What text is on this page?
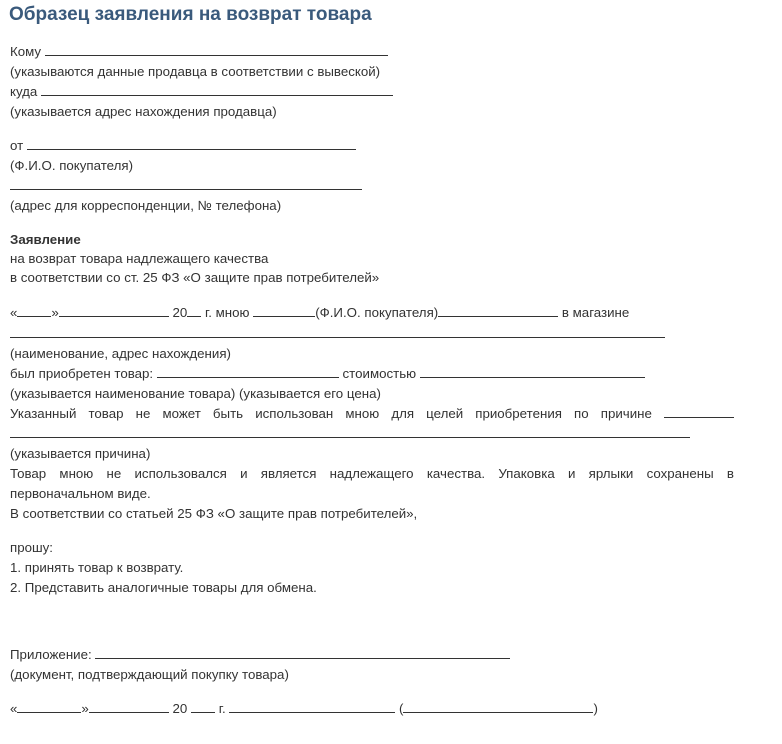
Образец заявления на возврат товара
Кому
(указываются данные продавца в соответствии с вывеской)
куда
(указывается адрес нахождения продавца)
от
(Ф.И.О. покупателя)
(адрес для корреспонденции, № телефона)
Заявление
на возврат товара надлежащего качества
в соответствии со ст. 25 ФЗ «О защите прав потребителей»
«	»	20 г. мною	(Ф.И.О. покупателя)	в магазине
(наименование, адрес нахождения)
был приобретен товар:	стоимостью
(указывается наименование товара) (указывается его цена)
Указанный товар не может быть использован мною для целей приобретения по причине
(указывается причина)
Товар мною не использовался и является надлежащего качества. Упаковка и ярлыки сохранены в
первоначальном виде.
В соответствии со статьей 25 ФЗ «О защите прав потребителей»,
прошу:
1. принять товар к возврату.
2. Представить аналогичные товары для обмена.
Приложение:
(документ, подтверждающий покупку товара)
«	»	20 г.	(	)
